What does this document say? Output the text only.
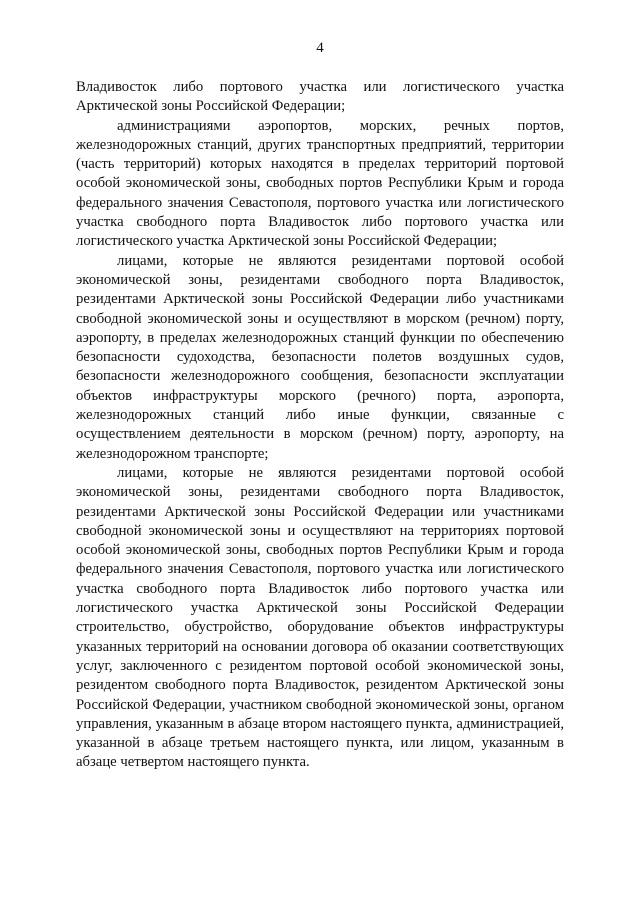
4

Владивосток либо портового участка или логистического участка Арктической зоны Российской Федерации;

администрациями аэропортов, морских, речных портов, железнодорожных станций, других транспортных предприятий, территории (часть территорий) которых находятся в пределах территорий портовой особой экономической зоны, свободных портов Республики Крым и города федерального значения Севастополя, портового участка или логистического участка свободного порта Владивосток либо портового участка или логистического участка Арктической зоны Российской Федерации;

лицами, которые не являются резидентами портовой особой экономической зоны, резидентами свободного порта Владивосток, резидентами Арктической зоны Российской Федерации либо участниками свободной экономической зоны и осуществляют в морском (речном) порту, аэропорту, в пределах железнодорожных станций функции по обеспечению безопасности судоходства, безопасности полетов воздушных судов, безопасности железнодорожного сообщения, безопасности эксплуатации объектов инфраструктуры морского (речного) порта, аэропорта, железнодорожных станций либо иные функции, связанные с осуществлением деятельности в морском (речном) порту, аэропорту, на железнодорожном транспорте;

лицами, которые не являются резидентами портовой особой экономической зоны, резидентами свободного порта Владивосток, резидентами Арктической зоны Российской Федерации или участниками свободной экономической зоны и осуществляют на территориях портовой особой экономической зоны, свободных портов Республики Крым и города федерального значения Севастополя, портового участка или логистического участка свободного порта Владивосток либо портового участка или логистического участка Арктической зоны Российской Федерации строительство, обустройство, оборудование объектов инфраструктуры указанных территорий на основании договора об оказании соответствующих услуг, заключенного с резидентом портовой особой экономической зоны, резидентом свободного порта Владивосток, резидентом Арктической зоны Российской Федерации, участником свободной экономической зоны, органом управления, указанным в абзаце втором настоящего пункта, администрацией, указанной в абзаце третьем настоящего пункта, или лицом, указанным в абзаце четвертом настоящего пункта.
